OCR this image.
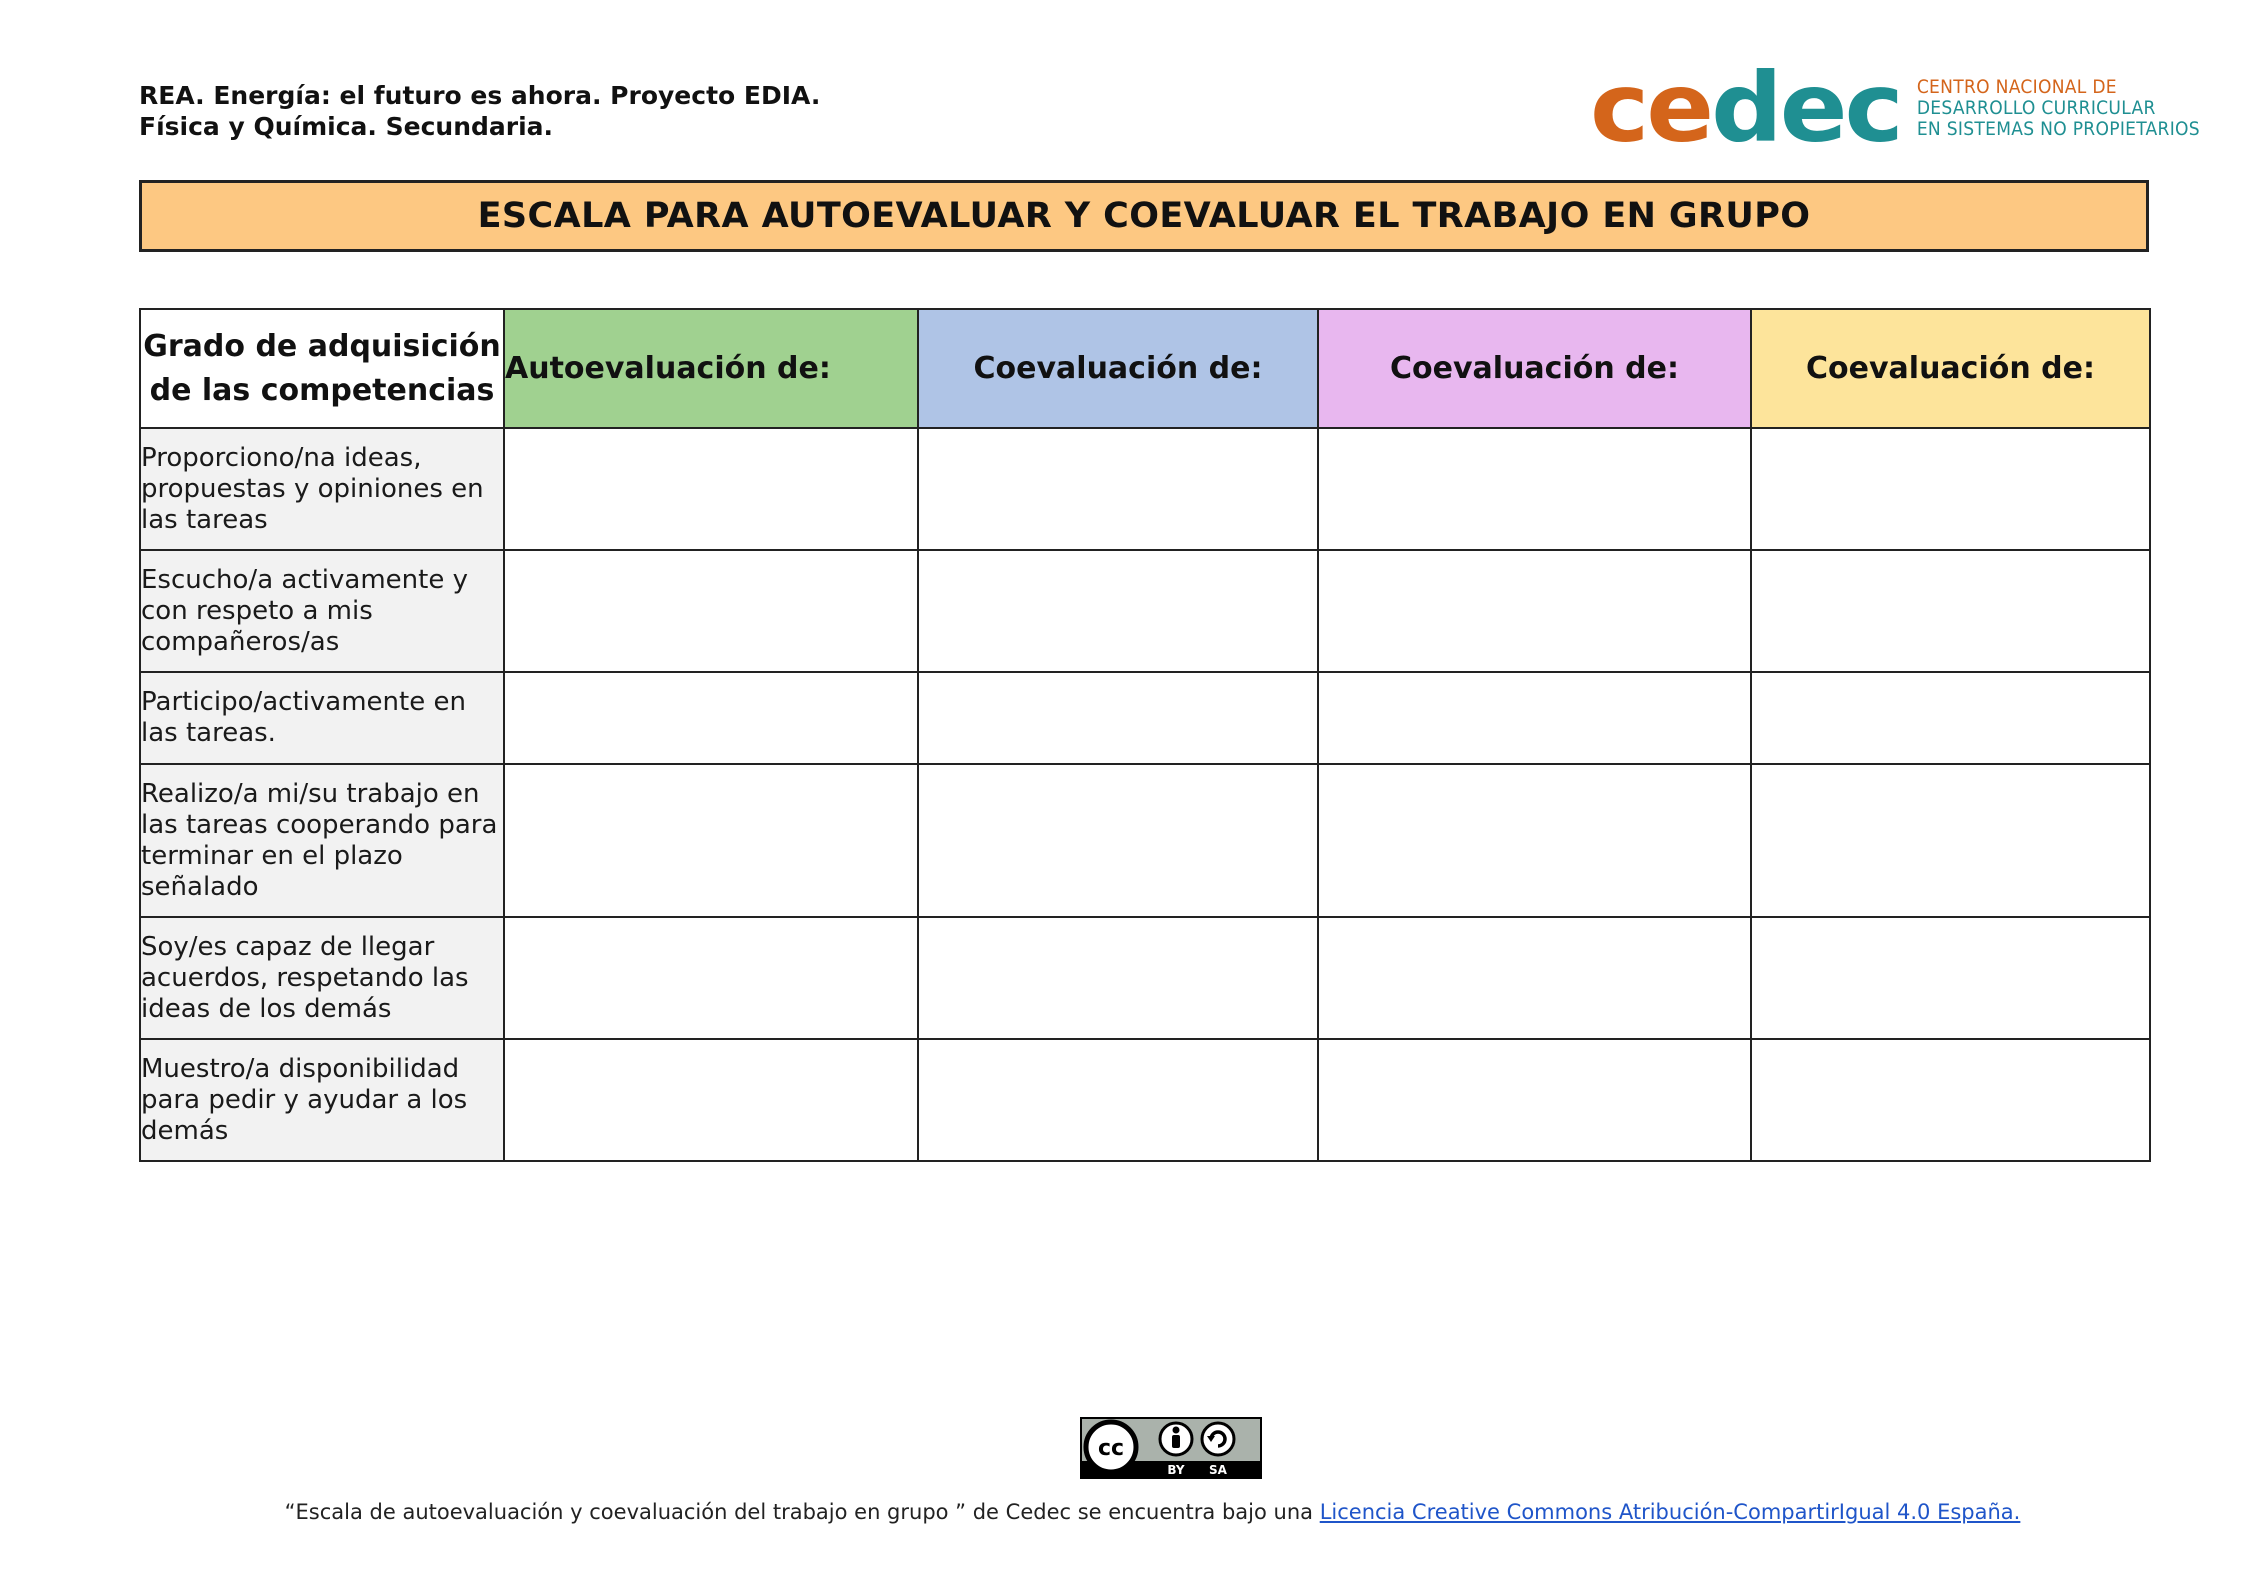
REA. Energía: el futuro es ahora. Proyecto EDIA.
Física y Química. Secundaria.	cedec CENTRO NACIONAL DE
DESARROLLO CURRICULAR
EN SISTEMAS NO PROPIETARIOS
ESCALA PARA AUTOEVALUAR Y COEVALUAR EL TRABAJO EN GRUPO
Grado de adquisición
de las competencias	Autoevaluación de:	Coevaluación de:	Coevaluación de:	Coevaluación de:
Proporciono/na ideas, propuestas y opiniones en las tareas				
Escucho/a activamente y con respeto a mis compañeros/as				
Participo/activamente en las tareas.				
Realizo/a mi/su trabajo en las tareas cooperando para terminar en el plazo señalado				
Soy/es capaz de llegar acuerdos, respetando las ideas de los demás				
Muestro/a disponibilidad para pedir y ayudar a los demás				
cc
BY SA
“Escala de autoevaluación y coevaluación del trabajo en grupo ” de Cedec se encuentra bajo una Licencia Creative Commons Atribución-CompartirIgual 4.0 España.
